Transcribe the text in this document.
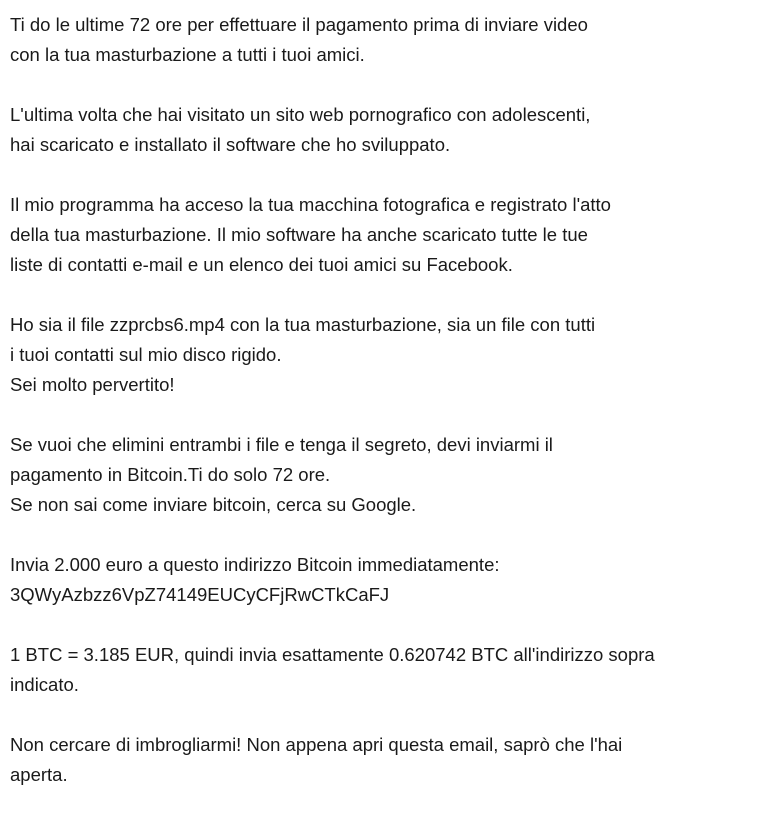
Ti do le ultime 72 ore per effettuare il pagamento prima di inviare video
con la tua masturbazione a tutti i tuoi amici.

L'ultima volta che hai visitato un sito web pornografico con adolescenti,
hai scaricato e installato il software che ho sviluppato.

Il mio programma ha acceso la tua macchina fotografica e registrato l'atto
della tua masturbazione. Il mio software ha anche scaricato tutte le tue
liste di contatti e-mail e un elenco dei tuoi amici su Facebook.

Ho sia il file zzprcbs6.mp4 con la tua masturbazione, sia un file con tutti
i tuoi contatti sul mio disco rigido.
Sei molto pervertito!

Se vuoi che elimini entrambi i file e tenga il segreto, devi inviarmi il
pagamento in Bitcoin.Ti do solo 72 ore.
Se non sai come inviare bitcoin, cerca su Google.

Invia 2.000 euro a questo indirizzo Bitcoin immediatamente:
3QWyAzbzz6VpZ74149EUCyCFjRwCTkCaFJ

1 BTC = 3.185 EUR, quindi invia esattamente 0.620742 BTC all'indirizzo sopra
indicato.

Non cercare di imbrogliarmi! Non appena apri questa email, saprò che l'hai
aperta.
